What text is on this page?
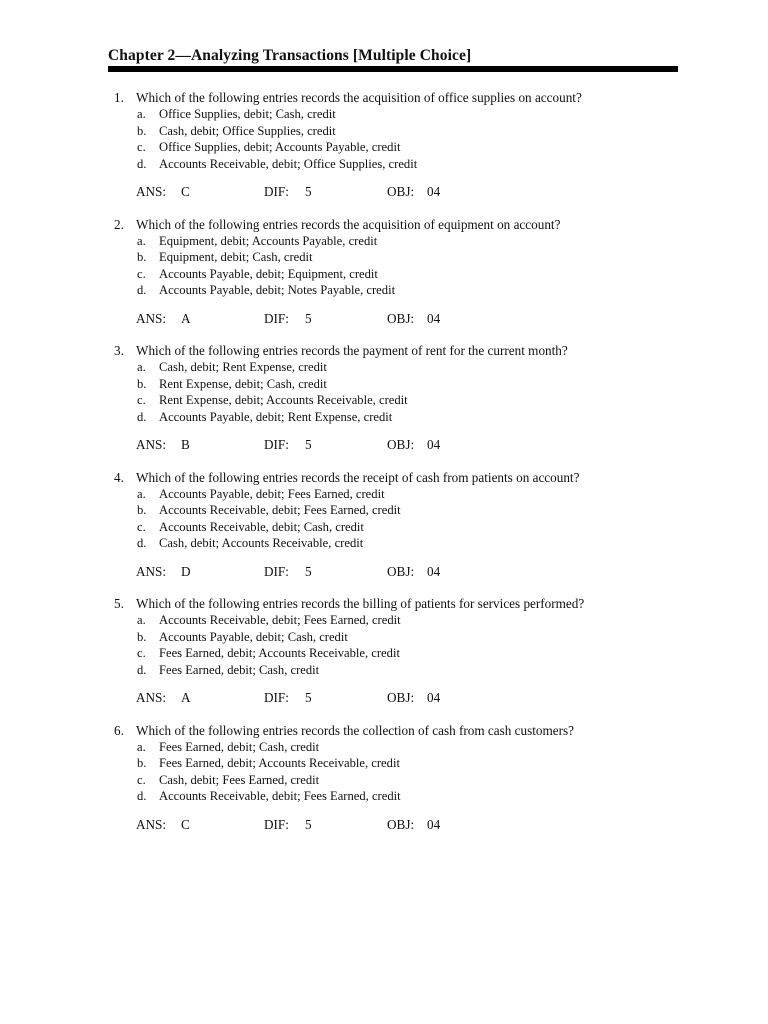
Chapter 2—Analyzing Transactions [Multiple Choice]
1. Which of the following entries records the acquisition of office supplies on account?
a. Office Supplies, debit; Cash, credit
b. Cash, debit; Office Supplies, credit
c. Office Supplies, debit; Accounts Payable, credit
d. Accounts Receivable, debit; Office Supplies, credit
ANS: C	DIF: 5	OBJ: 04
2. Which of the following entries records the acquisition of equipment on account?
a. Equipment, debit; Accounts Payable, credit
b. Equipment, debit; Cash, credit
c. Accounts Payable, debit; Equipment, credit
d. Accounts Payable, debit; Notes Payable, credit
ANS: A	DIF: 5	OBJ: 04
3. Which of the following entries records the payment of rent for the current month?
a. Cash, debit; Rent Expense, credit
b. Rent Expense, debit; Cash, credit
c. Rent Expense, debit; Accounts Receivable, credit
d. Accounts Payable, debit; Rent Expense, credit
ANS: B	DIF: 5	OBJ: 04
4. Which of the following entries records the receipt of cash from patients on account?
a. Accounts Payable, debit; Fees Earned, credit
b. Accounts Receivable, debit; Fees Earned, credit
c. Accounts Receivable, debit; Cash, credit
d. Cash, debit; Accounts Receivable, credit
ANS: D	DIF: 5	OBJ: 04
5. Which of the following entries records the billing of patients for services performed?
a. Accounts Receivable, debit; Fees Earned, credit
b. Accounts Payable, debit; Cash, credit
c. Fees Earned, debit; Accounts Receivable, credit
d. Fees Earned, debit; Cash, credit
ANS: A	DIF: 5	OBJ: 04
6. Which of the following entries records the collection of cash from cash customers?
a. Fees Earned, debit; Cash, credit
b. Fees Earned, debit; Accounts Receivable, credit
c. Cash, debit; Fees Earned, credit
d. Accounts Receivable, debit; Fees Earned, credit
ANS: C	DIF: 5	OBJ: 04
